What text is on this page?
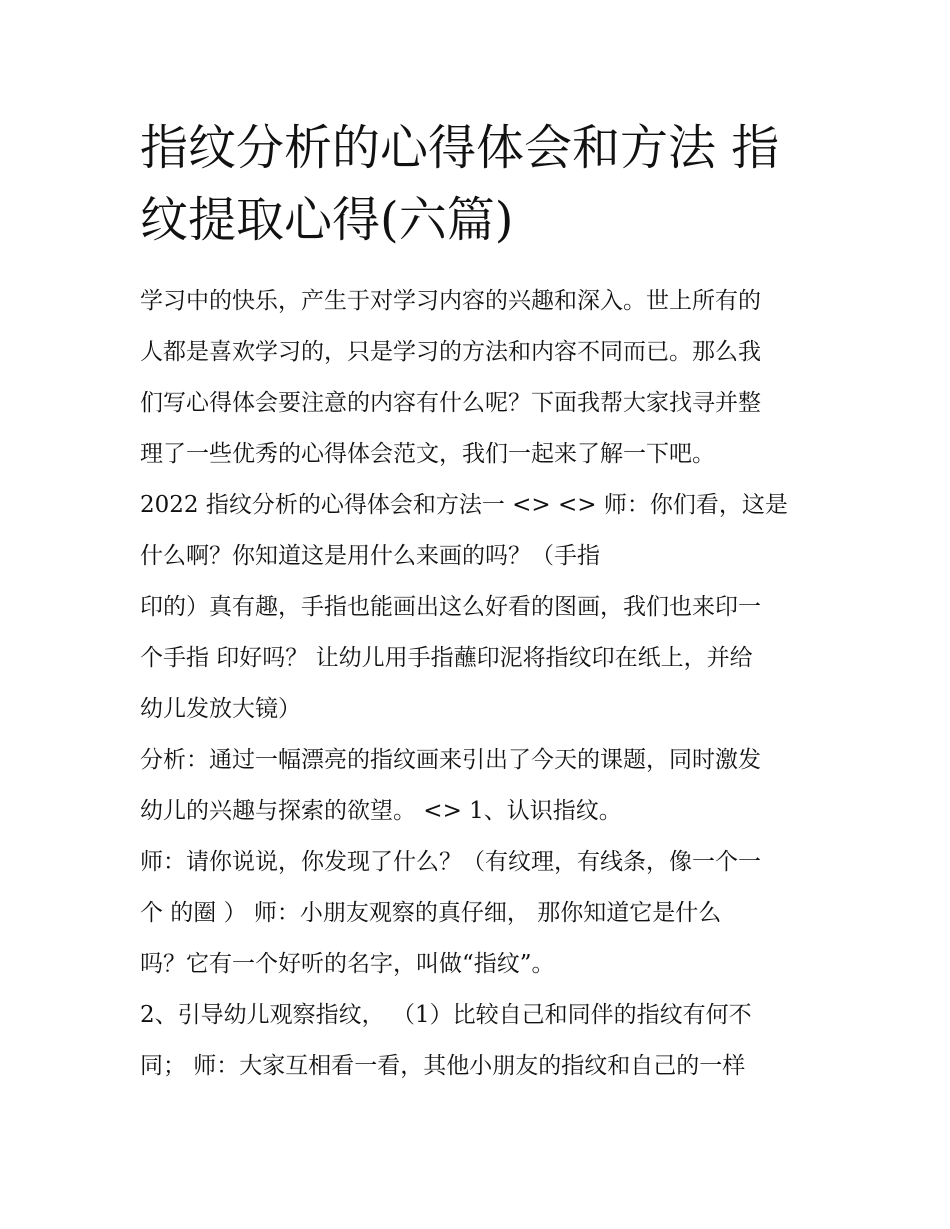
指纹分析的心得体会和方法 指
纹提取心得(六篇)
学习中的快乐，产生于对学习内容的兴趣和深入。世上所有的
人都是喜欢学习的，只是学习的方法和内容不同而已。那么我
们写心得体会要注意的内容有什么呢？下面我帮大家找寻并整
理了一些优秀的心得体会范文，我们一起来了解一下吧。
2022 指纹分析的心得体会和方法一 <> <> 师：你们看，这是
什么啊？你知道这是用什么来画的吗？（手指
印的）真有趣，手指也能画出这么好看的图画，我们也来印一
个手指 印好吗？ 让幼儿用手指蘸印泥将指纹印在纸上，并给
幼儿发放大镜）
分析：通过一幅漂亮的指纹画来引出了今天的课题，同时激发
幼儿的兴趣与探索的欲望。 <> 1、认识指纹。
师：请你说说，你发现了什么？（有纹理，有线条，像一个一
个 的圈 ） 师：小朋友观察的真仔细， 那你知道它是什么
吗？它有一个好听的名字，叫做“指纹”。
2、引导幼儿观察指纹， （1）比较自己和同伴的指纹有何不
同； 师：大家互相看一看，其他小朋友的指纹和自己的一样
